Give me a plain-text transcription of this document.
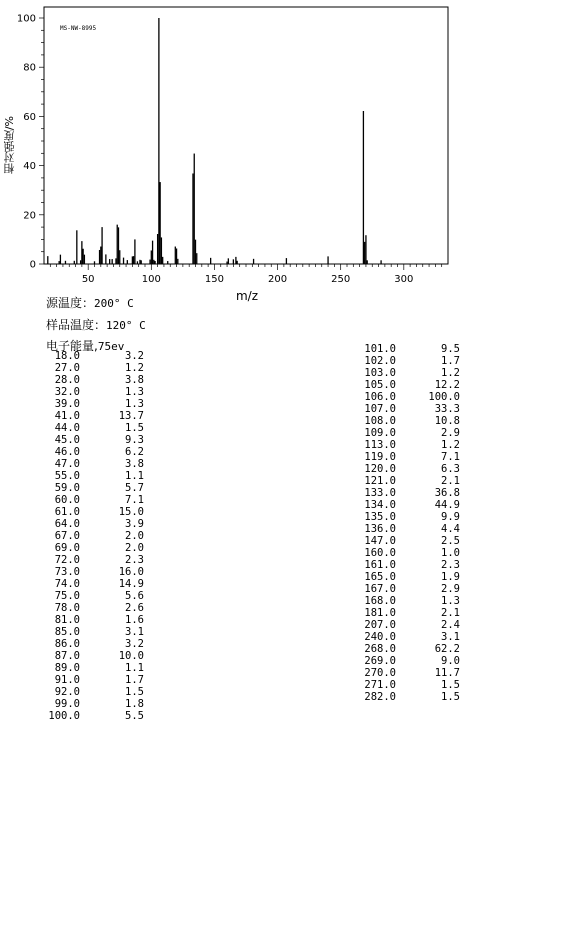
MS-NW-8995
0
20
40
60
80
100
50	100	150	200	250	300
m/z
相对强度/%
源温度：200° C
样品温度：120° C
电子能量,75ev
18.0	3.2
27.0	1.2
28.0	3.8
32.0	1.3
39.0	1.3
41.0	13.7
44.0	1.5
45.0	9.3
46.0	6.2
47.0	3.8
55.0	1.1
59.0	5.7
60.0	7.1
61.0	15.0
64.0	3.9
67.0	2.0
69.0	2.0
72.0	2.3
73.0	16.0
74.0	14.9
75.0	5.6
78.0	2.6
81.0	1.6
85.0	3.1
86.0	3.2
87.0	10.0
89.0	1.1
91.0	1.7
92.0	1.5
99.0	1.8
100.0	5.5
101.0	9.5
102.0	1.7
103.0	1.2
105.0	12.2
106.0	100.0
107.0	33.3
108.0	10.8
109.0	2.9
113.0	1.2
119.0	7.1
120.0	6.3
121.0	2.1
133.0	36.8
134.0	44.9
135.0	9.9
136.0	4.4
147.0	2.5
160.0	1.0
161.0	2.3
165.0	1.9
167.0	2.9
168.0	1.3
181.0	2.1
207.0	2.4
240.0	3.1
268.0	62.2
269.0	9.0
270.0	11.7
271.0	1.5
282.0	1.5
